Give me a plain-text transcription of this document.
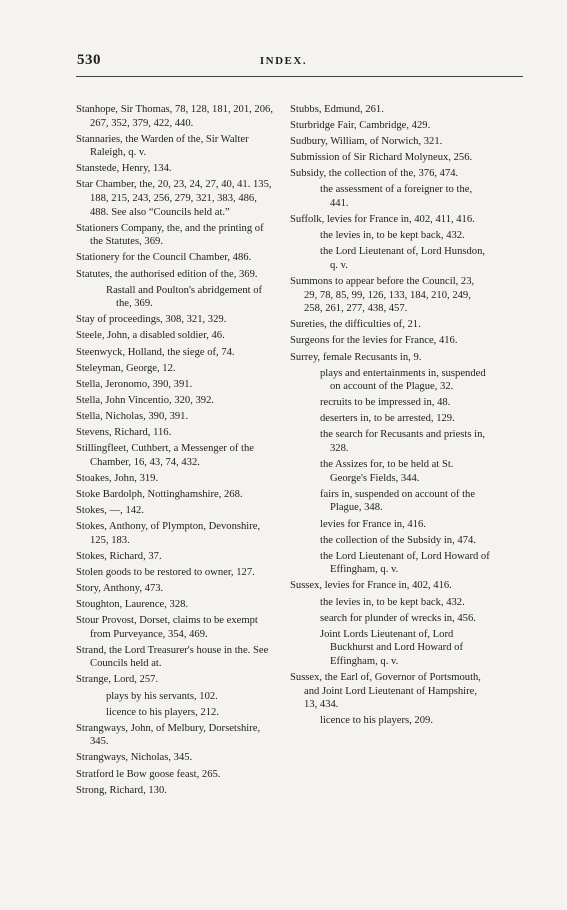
530	INDEX.
Stanhope, Sir Thomas, 78, 128, 181, 201, 206, 267, 352, 379, 422, 440.
Stannaries, the Warden of the, Sir Walter Raleigh, q. v.
Stanstede, Henry, 134.
Star Chamber, the, 20, 23, 24, 27, 40, 41. 135, 188, 215, 243, 256, 279, 321, 383, 486, 488. See also “Councils held at.”
Stationers Company, the, and the printing of the Statutes, 369.
Stationery for the Council Chamber, 486.
Statutes, the authorised edition of the, 369.
Rastall and Poulton's abridgement of the, 369.
Stay of proceedings, 308, 321, 329.
Steele, John, a disabled soldier, 46.
Steenwyck, Holland, the siege of, 74.
Steleyman, George, 12.
Stella, Jeronomo, 390, 391.
Stella, John Vincentio, 320, 392.
Stella, Nicholas, 390, 391.
Stevens, Richard, 116.
Stillingfleet, Cuthbert, a Messenger of the Chamber, 16, 43, 74, 432.
Stoakes, John, 319.
Stoke Bardolph, Nottinghamshire, 268.
Stokes, —, 142.
Stokes, Anthony, of Plympton, Devonshire, 125, 183.
Stokes, Richard, 37.
Stolen goods to be restored to owner, 127.
Story, Anthony, 473.
Stoughton, Laurence, 328.
Stour Provost, Dorset, claims to be exempt from Purveyance, 354, 469.
Strand, the Lord Treasurer's house in the. See Councils held at.
Strange, Lord, 257.
plays by his servants, 102.
licence to his players, 212.
Strangways, John, of Melbury, Dorsetshire, 345.
Strangways, Nicholas, 345.
Stratford le Bow goose feast, 265.
Strong, Richard, 130.
Stubbs, Edmund, 261.
Sturbridge Fair, Cambridge, 429.
Sudbury, William, of Norwich, 321.
Submission of Sir Richard Molyneux, 256.
Subsidy, the collection of the, 376, 474.
the assessment of a foreigner to the, 441.
Suffolk, levies for France in, 402, 411, 416.
the levies in, to be kept back, 432.
the Lord Lieutenant of, Lord Hunsdon, q. v.
Summons to appear before the Council, 23, 29, 78, 85, 99, 126, 133, 184, 210, 249, 258, 261, 277, 438, 457.
Sureties, the difficulties of, 21.
Surgeons for the levies for France, 416.
Surrey, female Recusants in, 9.
plays and entertainments in, suspended on account of the Plague, 32.
recruits to be impressed in, 48.
deserters in, to be arrested, 129.
the search for Recusants and priests in, 328.
the Assizes for, to be held at St. George's Fields, 344.
fairs in, suspended on account of the Plague, 348.
levies for France in, 416.
the collection of the Subsidy in, 474.
the Lord Lieutenant of, Lord Howard of Effingham, q. v.
Sussex, levies for France in, 402, 416.
the levies in, to be kept back, 432.
search for plunder of wrecks in, 456.
Joint Lords Lieutenant of, Lord Buckhurst and Lord Howard of Effingham, q. v.
Sussex, the Earl of, Governor of Portsmouth, and Joint Lord Lieutenant of Hampshire, 13, 434.
licence to his players, 209.
